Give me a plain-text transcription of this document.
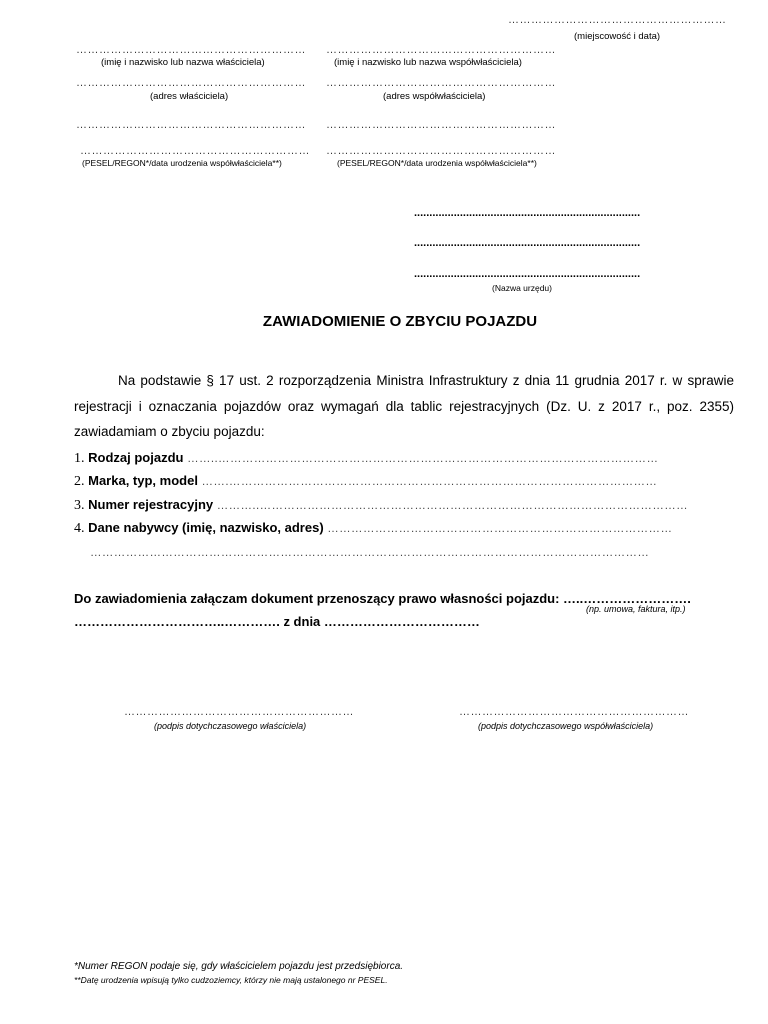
…………………………………………………
(miejscowość i data)
……………………………………………………
(imię i nazwisko lub nazwa właściciela)
……………………………………………………
(adres właściciela)
……………………………………………………
……………………………………………………
(PESEL/REGON*/data urodzenia współwłaściciela**)
……………………………………………………
(imię i nazwisko lub nazwa współwłaściciela)
……………………………………………………
(adres współwłaściciela)
……………………………………………………
……………………………………………………
(PESEL/REGON*/data urodzenia współwłaściciela**)
..........................................................................
..........................................................................
..........................................................................
(Nazwa urzędu)
ZAWIADOMIENIE O ZBYCIU POJAZDU
Na podstawie § 17 ust. 2 rozporządzenia Ministra Infrastruktury z dnia 11 grudnia 2017 r. w sprawie rejestracji i oznaczania pojazdów oraz wymagań dla tablic rejestracyjnych (Dz. U. z 2017 r., poz. 2355) zawiadamiam o zbyciu pojazdu:
1. Rodzaj pojazdu ……..…………………………………………………………………………………………………
2. Marka, typ, model …….………………………………………………………………………………………………
3. Numer rejestracyjny ………..………………………………………………………………………………………………
4. Dane nabywcy (imię, nazwisko, adres) ……………………………………………………………………………
……………………………………………………………………………………………………………………………
Do zawiadomienia załączam dokument przenoszący prawo własności pojazdu: …..…………………….
(np. umowa, faktura, itp.)
……………………………..…………. z dnia ………………………………
……………………………………………………
(podpis dotychczasowego właściciela)
……………………………………………………
(podpis dotychczasowego współwłaściciela)
*Numer REGON podaje się, gdy właścicielem pojazdu jest przedsiębiorca.
**Datę urodzenia wpisują tylko cudzoziemcy, którzy nie mają ustalonego nr PESEL.
